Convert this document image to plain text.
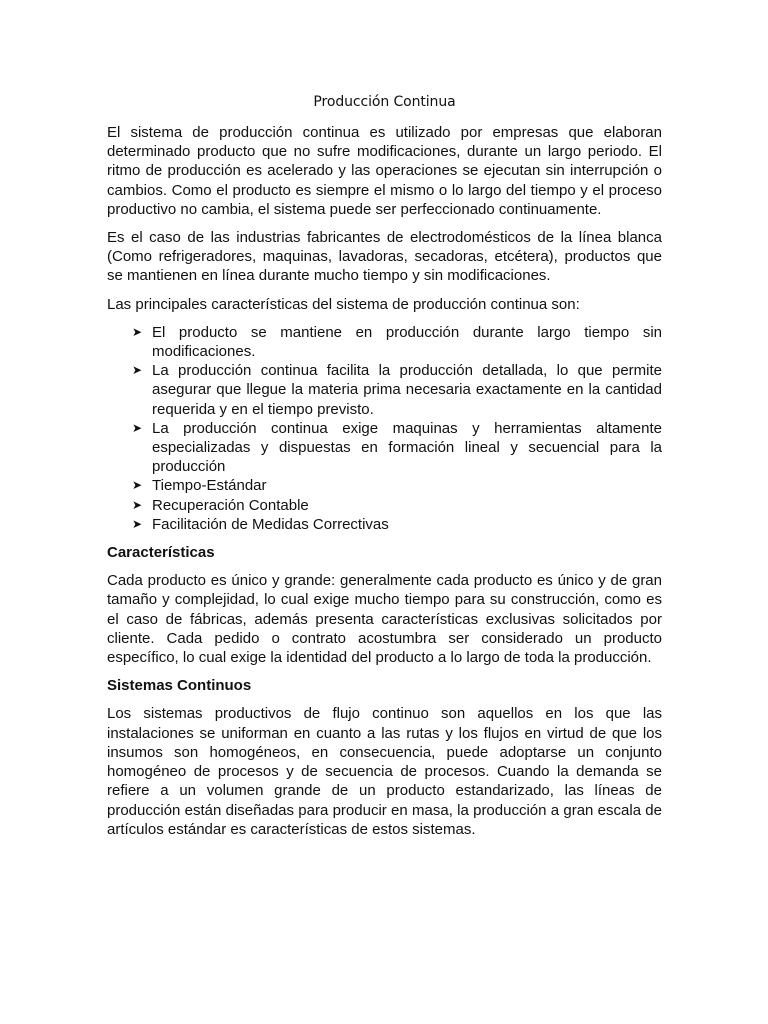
Producción Continua

El sistema de producción continua es utilizado por empresas que elaboran determinado producto que no sufre modificaciones, durante un largo periodo. El ritmo de producción es acelerado y las operaciones se ejecutan sin interrupción o cambios. Como el producto es siempre el mismo o lo largo del tiempo y el proceso productivo no cambia, el sistema puede ser perfeccionado continuamente.

Es el caso de las industrias fabricantes de electrodomésticos de la línea blanca (Como refrigeradores, maquinas, lavadoras, secadoras, etcétera), productos que se mantienen en línea durante mucho tiempo y sin modificaciones.

Las principales características del sistema de producción continua son:

➤ El producto se mantiene en producción durante largo tiempo sin modificaciones.
➤ La producción continua facilita la producción detallada, lo que permite asegurar que llegue la materia prima necesaria exactamente en la cantidad requerida y en el tiempo previsto.
➤ La producción continua exige maquinas y herramientas altamente especializadas y dispuestas en formación lineal y secuencial para la producción
➤ Tiempo-Estándar
➤ Recuperación Contable
➤ Facilitación de Medidas Correctivas
Características

Cada producto es único y grande: generalmente cada producto es único y de gran tamaño y complejidad, lo cual exige mucho tiempo para su construcción, como es el caso de fábricas, además presenta características exclusivas solicitados por cliente. Cada pedido o contrato acostumbra ser considerado un producto específico, lo cual exige la identidad del producto a lo largo de toda la producción.

Sistemas Continuos

Los sistemas productivos de flujo continuo son aquellos en los que las instalaciones se uniforman en cuanto a las rutas y los flujos en virtud de que los insumos son homogéneos, en consecuencia, puede adoptarse un conjunto homogéneo de procesos y de secuencia de procesos. Cuando la demanda se refiere a un volumen grande de un producto estandarizado, las líneas de producción están diseñadas para producir en masa, la producción a gran escala de artículos estándar es características de estos sistemas.
